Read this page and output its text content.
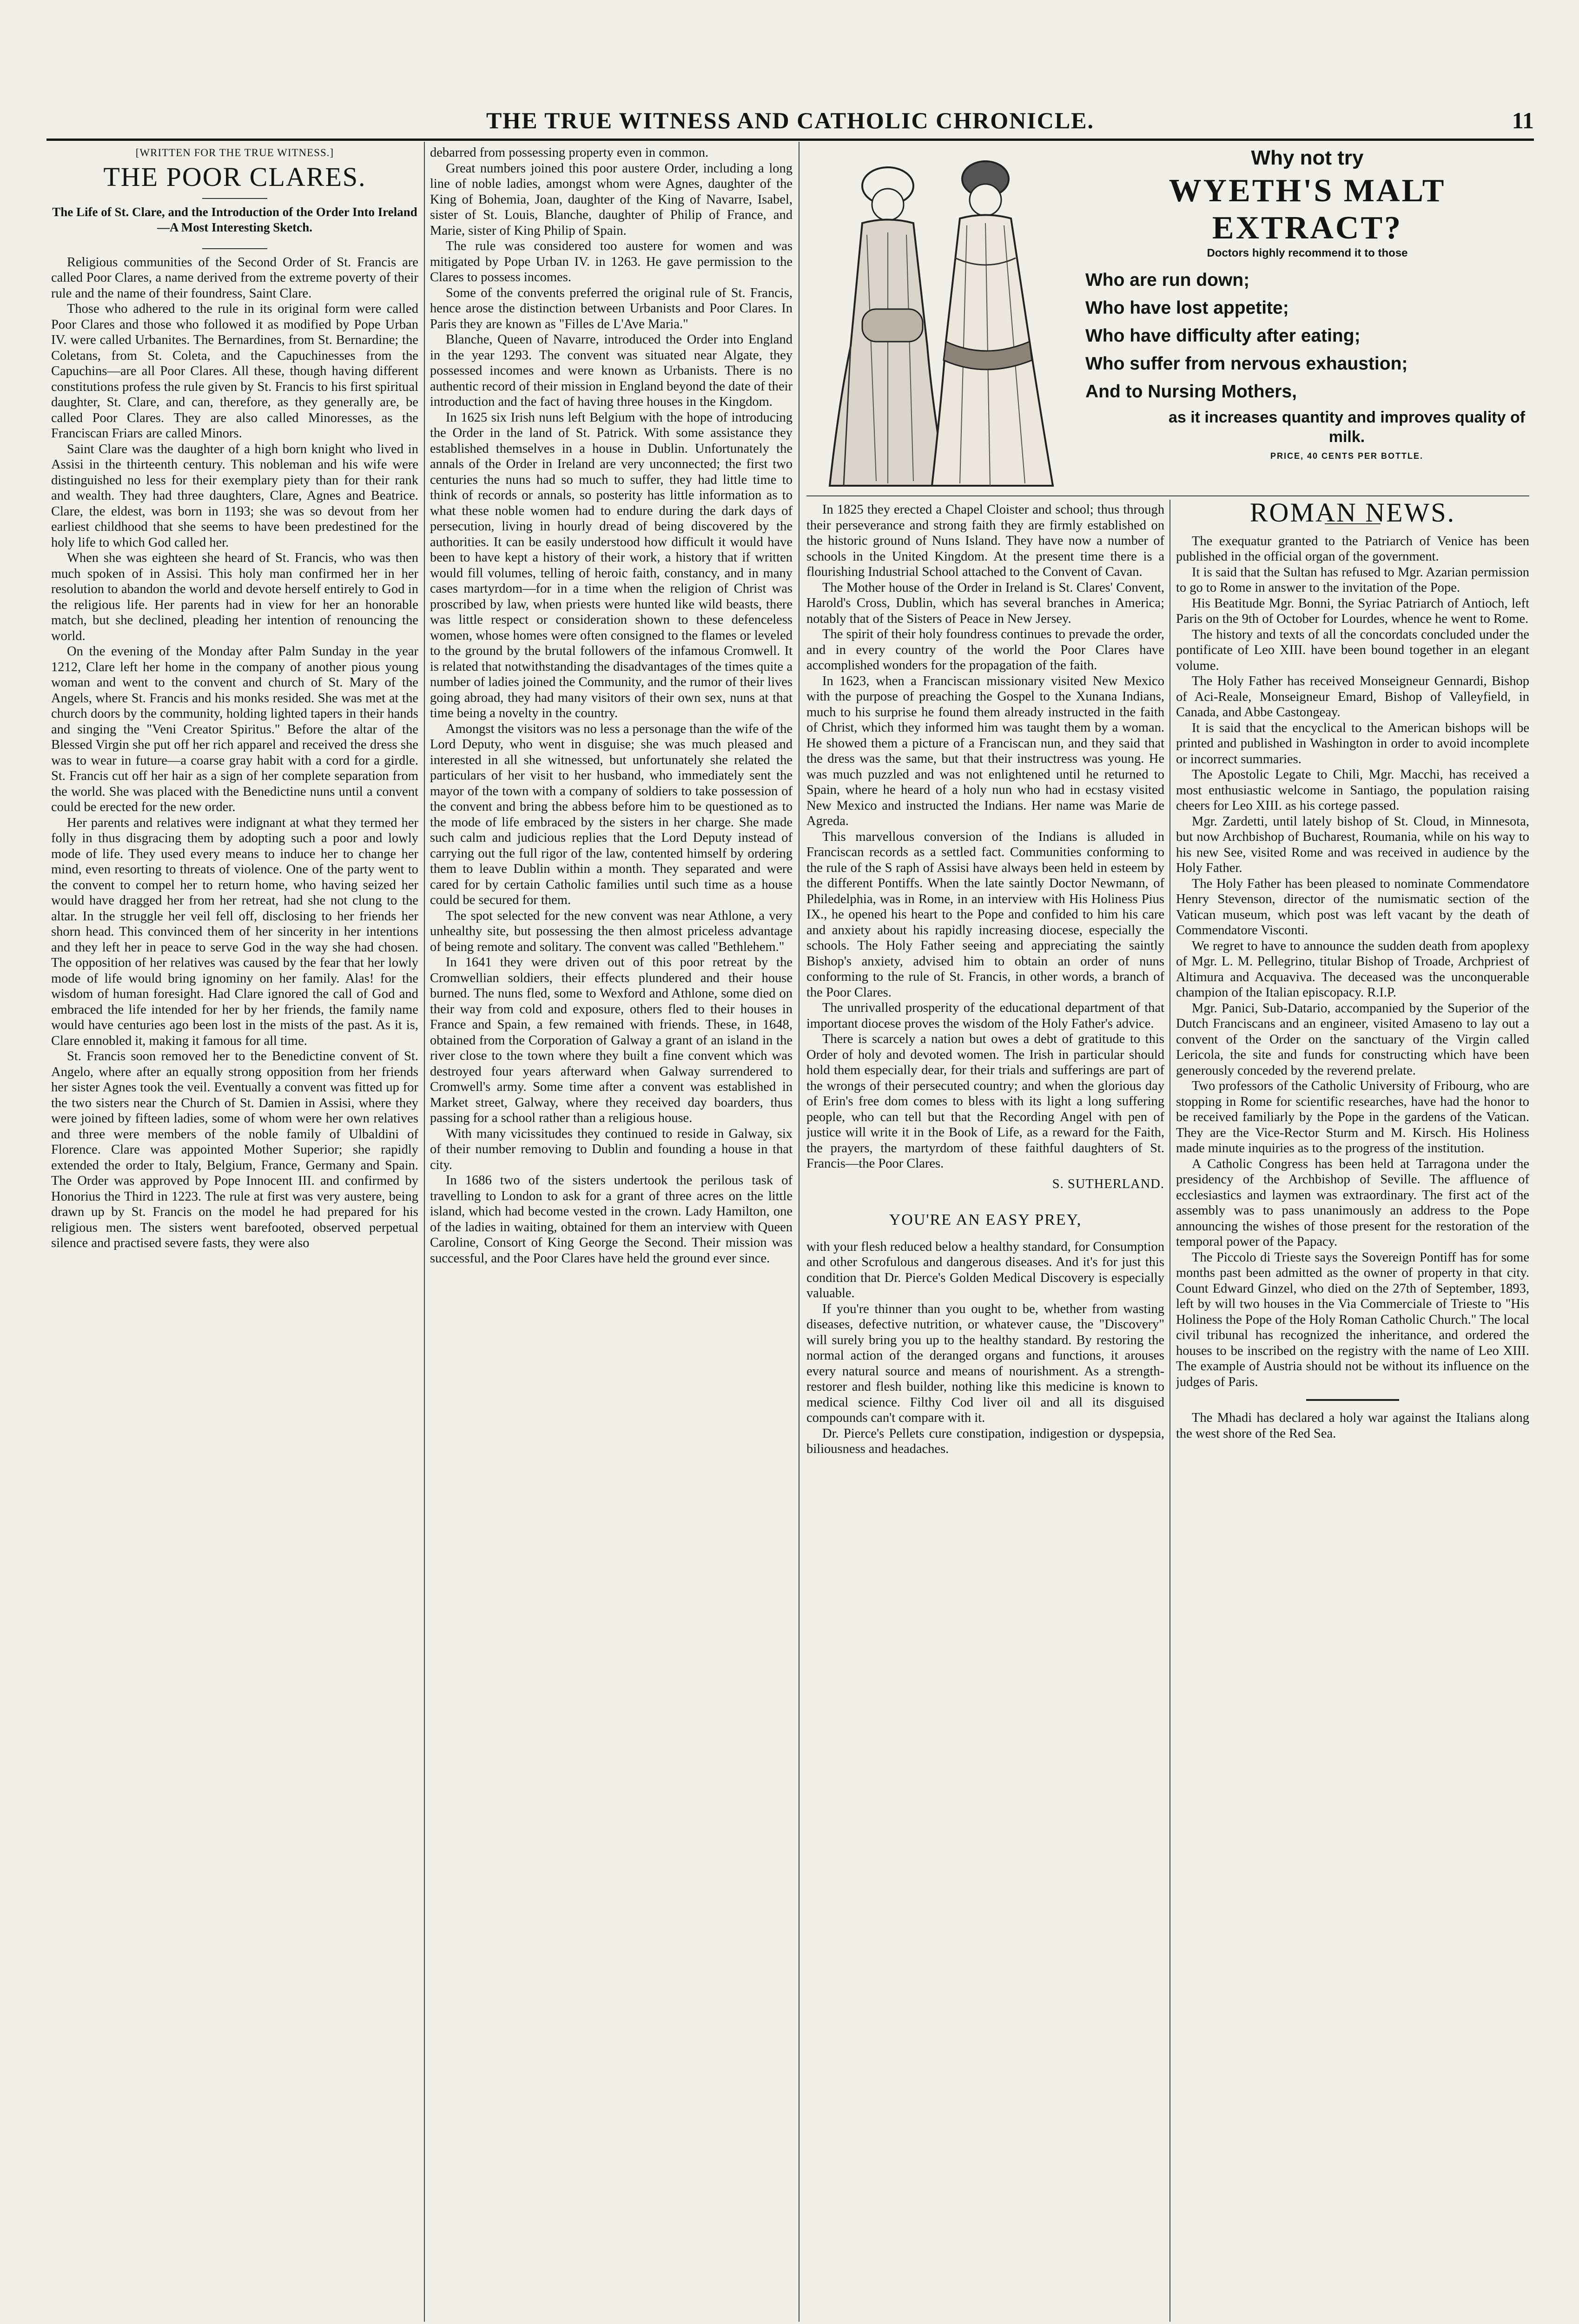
THE TRUE WITNESS AND CATHOLIC CHRONICLE.	11

[WRITTEN FOR THE TRUE WITNESS.]

THE POOR CLARES.
The Life of St. Clare, and the Introduction of the Order Into Ireland —A Most Interesting Sketch.

Religious communities of the Second Order of St. Francis are called Poor Clares, a name derived from the extreme poverty of their rule and the name of their foundress, Saint Clare.

Those who adhered to the rule in its original form were called Poor Clares and those who followed it as modified by Pope Urban IV. were called Urbanites. The Bernardines, from St. Bernardine; the Coletans, from St. Coleta, and the Capuchinesses from the Capuchins—are all Poor Clares. All these, though having different constitutions profess the rule given by St. Francis to his first spiritual daughter, St. Clare, and can, therefore, as they generally are, be called Poor Clares. They are also called Minoresses, as the Franciscan Friars are called Minors.

Saint Clare was the daughter of a high born knight who lived in Assisi in the thirteenth century. This nobleman and his wife were distinguished no less for their exemplary piety than for their rank and wealth. They had three daughters, Clare, Agnes and Beatrice. Clare, the eldest, was born in 1193; she was so devout from her earliest childhood that she seems to have been predestined for the holy life to which God called her.

When she was eighteen she heard of St. Francis, who was then much spoken of in Assisi. This holy man confirmed her in her resolution to abandon the world and devote herself entirely to God in the religious life. Her parents had in view for her an honorable match, but she declined, pleading her intention of renouncing the world.

On the evening of the Monday after Palm Sunday in the year 1212, Clare left her home in the company of another pious young woman and went to the convent and church of St. Mary of the Angels, where St. Francis and his monks resided. She was met at the church doors by the community, holding lighted tapers in their hands and singing the "Veni Creator Spiritus." Before the altar of the Blessed Virgin she put off her rich apparel and received the dress she was to wear in future—a coarse gray habit with a cord for a girdle. St. Francis cut off her hair as a sign of her complete separation from the world. She was placed with the Benedictine nuns until a convent could be erected for the new order.

Her parents and relatives were indignant at what they termed her folly in thus disgracing them by adopting such a poor and lowly mode of life. They used every means to induce her to change her mind, even resorting to threats of violence. One of the party went to the convent to compel her to return home, who having seized her would have dragged her from her retreat, had she not clung to the altar. In the struggle her veil fell off, disclosing to her friends her shorn head. This convinced them of her sincerity in her intentions and they left her in peace to serve God in the way she had chosen. The opposition of her relatives was caused by the fear that her lowly mode of life would bring ignominy on her family. Alas! for the wisdom of human foresight. Had Clare ignored the call of God and embraced the life intended for her by her friends, the family name would have centuries ago been lost in the mists of the past. As it is, Clare ennobled it, making it famous for all time.

St. Francis soon removed her to the Benedictine convent of St. Angelo, where after an equally strong opposition from her friends her sister Agnes took the veil. Eventually a convent was fitted up for the two sisters near the Church of St. Damien in Assisi, where they were joined by fifteen ladies, some of whom were her own relatives and three were members of the noble family of Ulbaldini of Florence. Clare was appointed Mother Superior; she rapidly extended the order to Italy, Belgium, France, Germany and Spain. The Order was approved by Pope Innocent III. and confirmed by Honorius the Third in 1223. The rule at first was very austere, being drawn up by St. Francis on the model he had prepared for his religious men. The sisters went barefooted, observed perpetual silence and practised severe fasts, they were also

debarred from possessing property even in common.

Great numbers joined this poor austere Order, including a long line of noble ladies, amongst whom were Agnes, daughter of the King of Bohemia, Joan, daughter of the King of Navarre, Isabel, sister of St. Louis, Blanche, daughter of Philip of France, and Marie, sister of King Philip of Spain.

The rule was considered too austere for women and was mitigated by Pope Urban IV. in 1263. He gave permission to the Clares to possess incomes.

Some of the convents preferred the original rule of St. Francis, hence arose the distinction between Urbanists and Poor Clares. In Paris they are known as "Filles de L'Ave Maria."

Blanche, Queen of Navarre, introduced the Order into England in the year 1293. The convent was situated near Algate, they possessed incomes and were known as Urbanists. There is no authentic record of their mission in England beyond the date of their introduction and the fact of having three houses in the Kingdom.

In 1625 six Irish nuns left Belgium with the hope of introducing the Order in the land of St. Patrick. With some assistance they established themselves in a house in Dublin. Unfortunately the annals of the Order in Ireland are very unconnected; the first two centuries the nuns had so much to suffer, they had little time to think of records or annals, so posterity has little information as to what these noble women had to endure during the dark days of persecution, living in hourly dread of being discovered by the authorities. It can be easily understood how difficult it would have been to have kept a history of their work, a history that if written would fill volumes, telling of heroic faith, constancy, and in many cases martyrdom—for in a time when the religion of Christ was proscribed by law, when priests were hunted like wild beasts, there was little respect or consideration shown to these defenceless women, whose homes were often consigned to the flames or leveled to the ground by the brutal followers of the infamous Cromwell. It is related that notwithstanding the disadvantages of the times quite a number of ladies joined the Community, and the rumor of their lives going abroad, they had many visitors of their own sex, nuns at that time being a novelty in the country.

Amongst the visitors was no less a personage than the wife of the Lord Deputy, who went in disguise; she was much pleased and interested in all she witnessed, but unfortunately she related the particulars of her visit to her husband, who immediately sent the mayor of the town with a company of soldiers to take possession of the convent and bring the abbess before him to be questioned as to the mode of life embraced by the sisters in her charge. She made such calm and judicious replies that the Lord Deputy instead of carrying out the full rigor of the law, contented himself by ordering them to leave Dublin within a month. They separated and were cared for by certain Catholic families until such time as a house could be secured for them.

The spot selected for the new convent was near Athlone, a very unhealthy site, but possessing the then almost priceless advantage of being remote and solitary. The convent was called "Bethlehem."

In 1641 they were driven out of this poor retreat by the Cromwellian soldiers, their effects plundered and their house burned. The nuns fled, some to Wexford and Athlone, some died on their way from cold and exposure, others fled to their houses in France and Spain, a few remained with friends. These, in 1648, obtained from the Corporation of Galway a grant of an island in the river close to the town where they built a fine convent which was destroyed four years afterward when Galway surrendered to Cromwell's army. Some time after a convent was established in Market street, Galway, where they received day boarders, thus passing for a school rather than a religious house.

With many vicissitudes they continued to reside in Galway, six of their number removing to Dublin and founding a house in that city.

In 1686 two of the sisters undertook the perilous task of travelling to London to ask for a grant of three acres on the little island, which had become vested in the crown. Lady Hamilton, one of the ladies in waiting, obtained for them an interview with Queen Caroline, Consort of King George the Second. Their mission was successful, and the Poor Clares have held the ground ever since.

Why not try
WYETH'S MALT EXTRACT?
Doctors highly recommend it to those
Who are run down;
Who have lost appetite;
Who have difficulty after eating;
Who suffer from nervous exhaustion;
And to Nursing Mothers,
as it increases quantity and improves quality of milk.
PRICE, 40 CENTS PER BOTTLE.

In 1825 they erected a Chapel Cloister and school; thus through their perseverance and strong faith they are firmly established on the historic ground of Nuns Island. They have now a number of schools in the United Kingdom. At the present time there is a flourishing Industrial School attached to the Convent of Cavan.

The Mother house of the Order in Ireland is St. Clares' Convent, Harold's Cross, Dublin, which has several branches in America; notably that of the Sisters of Peace in New Jersey.

The spirit of their holy foundress continues to prevade the order, and in every country of the world the Poor Clares have accomplished wonders for the propagation of the faith.

In 1623, when a Franciscan missionary visited New Mexico with the purpose of preaching the Gospel to the Xunana Indians, much to his surprise he found them already instructed in the faith of Christ, which they informed him was taught them by a woman. He showed them a picture of a Franciscan nun, and they said that the dress was the same, but that their instructress was young. He was much puzzled and was not enlightened until he returned to Spain, where he heard of a holy nun who had in ecstasy visited New Mexico and instructed the Indians. Her name was Marie de Agreda.

This marvellous conversion of the Indians is alluded in Franciscan records as a settled fact. Communities conforming to the rule of the S raph of Assisi have always been held in esteem by the different Pontiffs. When the late saintly Doctor Newmann, of Philedelphia, was in Rome, in an interview with His Holiness Pius IX., he opened his heart to the Pope and confided to him his care and anxiety about his rapidly increasing diocese, especially the schools. The Holy Father seeing and appreciating the saintly Bishop's anxiety, advised him to obtain an order of nuns conforming to the rule of St. Francis, in other words, a branch of the Poor Clares.

The unrivalled prosperity of the educational department of that important diocese proves the wisdom of the Holy Father's advice.

There is scarcely a nation but owes a debt of gratitude to this Order of holy and devoted women. The Irish in particular should hold them especially dear, for their trials and sufferings are part of the wrongs of their persecuted country; and when the glorious day of Erin's free dom comes to bless with its light a long suffering people, who can tell but that the Recording Angel with pen of justice will write it in the Book of Life, as a reward for the Faith, the prayers, the martyrdom of these faithful daughters of St. Francis—the Poor Clares.

S. SUTHERLAND.
YOU'RE AN EASY PREY,

with your flesh reduced below a healthy standard, for Consumption and other Scrofulous and dangerous diseases. And it's for just this condition that Dr. Pierce's Golden Medical Discovery is especially valuable.

If you're thinner than you ought to be, whether from wasting diseases, defective nutrition, or whatever cause, the "Discovery" will surely bring you up to the healthy standard. By restoring the normal action of the deranged organs and functions, it arouses every natural source and means of nourishment. As a strength-restorer and flesh builder, nothing like this medicine is known to medical science. Filthy Cod liver oil and all its disguised compounds can't compare with it.

Dr. Pierce's Pellets cure constipation, indigestion or dyspepsia, biliousness and headaches.

ROMAN NEWS.

The exequatur granted to the Patriarch of Venice has been published in the official organ of the government.

It is said that the Sultan has refused to Mgr. Azarian permission to go to Rome in answer to the invitation of the Pope.

His Beatitude Mgr. Bonni, the Syriac Patriarch of Antioch, left Paris on the 9th of October for Lourdes, whence he went to Rome.

The history and texts of all the concordats concluded under the pontificate of Leo XIII. have been bound together in an elegant volume.

The Holy Father has received Monseigneur Gennardi, Bishop of Aci-Reale, Monseigneur Emard, Bishop of Valleyfield, in Canada, and Abbe Castongeay.

It is said that the encyclical to the American bishops will be printed and published in Washington in order to avoid incomplete or incorrect summaries.

The Apostolic Legate to Chili, Mgr. Macchi, has received a most enthusiastic welcome in Santiago, the population raising cheers for Leo XIII. as his cortege passed.

Mgr. Zardetti, until lately bishop of St. Cloud, in Minnesota, but now Archbishop of Bucharest, Roumania, while on his way to his new See, visited Rome and was received in audience by the Holy Father.

The Holy Father has been pleased to nominate Commendatore Henry Stevenson, director of the numismatic section of the Vatican museum, which post was left vacant by the death of Commendatore Visconti.

We regret to have to announce the sudden death from apoplexy of Mgr. L. M. Pellegrino, titular Bishop of Troade, Archpriest of Altimura and Acquaviva. The deceased was the unconquerable champion of the Italian episcopacy. R.I.P.

Mgr. Panici, Sub-Datario, accompanied by the Superior of the Dutch Franciscans and an engineer, visited Amaseno to lay out a convent of the Order on the sanctuary of the Virgin called Lericola, the site and funds for constructing which have been generously conceded by the reverend prelate.

Two professors of the Catholic University of Fribourg, who are stopping in Rome for scientific researches, have had the honor to be received familiarly by the Pope in the gardens of the Vatican. They are the Vice-Rector Sturm and M. Kirsch. His Holiness made minute inquiries as to the progress of the institution.

A Catholic Congress has been held at Tarragona under the presidency of the Archbishop of Seville. The affluence of ecclesiastics and laymen was extraordinary. The first act of the assembly was to pass unanimously an address to the Pope announcing the wishes of those present for the restoration of the temporal power of the Papacy.

The Piccolo di Trieste says the Sovereign Pontiff has for some months past been admitted as the owner of property in that city. Count Edward Ginzel, who died on the 27th of September, 1893, left by will two houses in the Via Commerciale of Trieste to "His Holiness the Pope of the Holy Roman Catholic Church." The local civil tribunal has recognized the inheritance, and ordered the houses to be inscribed on the registry with the name of Leo XIII. The example of Austria should not be without its influence on the judges of Paris.

The Mhadi has declared a holy war against the Italians along the west shore of the Red Sea.
